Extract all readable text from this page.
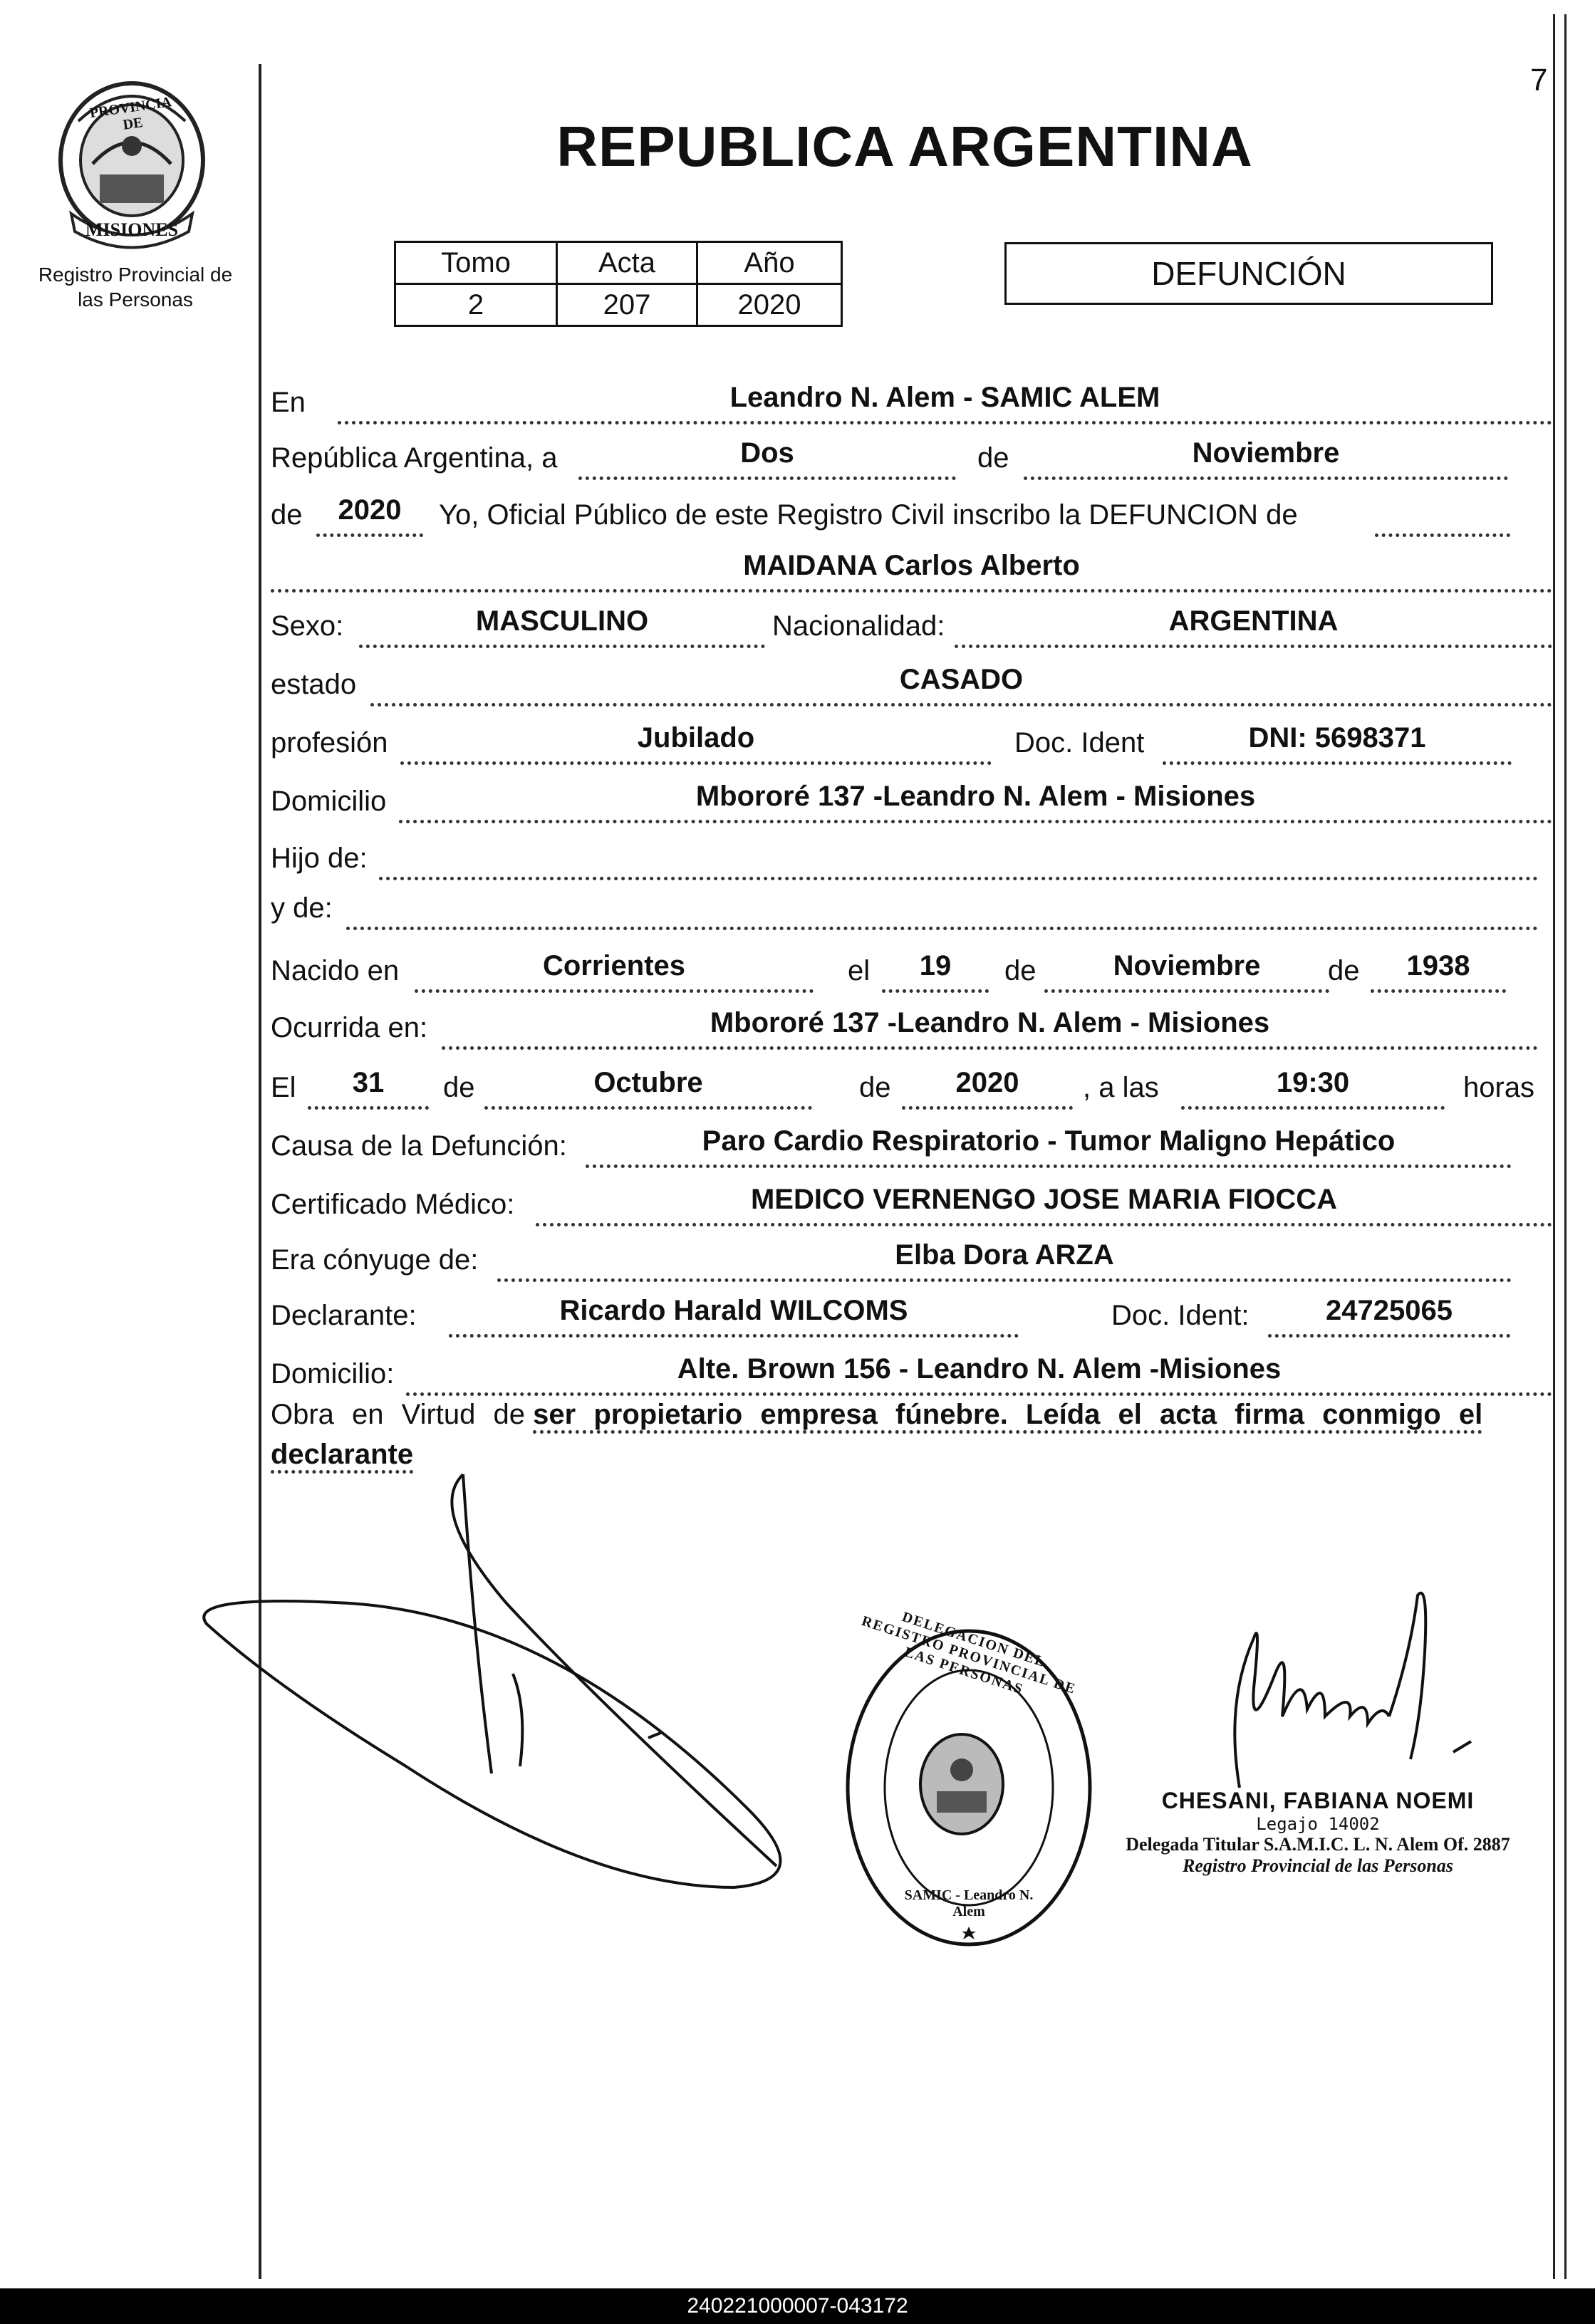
7
PROVINCIA DE
MISIONES
Registro Provincial de
las Personas
REPUBLICA ARGENTINA
Tomo	Acta	Año
2	207	2020
DEFUNCIÓN
En	Leandro N. Alem - SAMIC ALEM
República Argentina, a	Dos	de	Noviembre
de	2020	Yo, Oficial Público de este Registro Civil inscribo la DEFUNCION de
MAIDANA Carlos Alberto
Sexo:	MASCULINO	Nacionalidad:	ARGENTINA
estado	CASADO
profesión	Jubilado	Doc. Ident	DNI: 5698371
Domicilio	Mbororé 137 -Leandro N. Alem - Misiones
Hijo de:
y de:
Nacido en	Corrientes	el	19	de	Noviembre	de	1938
Ocurrida en:	Mbororé 137 -Leandro N. Alem - Misiones
El	31	de	Octubre	de	2020	, a las	19:30	horas
Causa de la Defunción:	Paro Cardio Respiratorio - Tumor Maligno Hepático
Certificado Médico:	MEDICO VERNENGO JOSE MARIA FIOCCA
Era cónyuge de:	Elba Dora ARZA
Declarante:	Ricardo Harald WILCOMS	Doc. Ident:	24725065
Domicilio:	Alte. Brown 156 - Leandro N. Alem -Misiones
Obra en Virtud de ser propietario empresa fúnebre. Leída el acta firma conmigo el
declarante
DELEGACION DEL REGISTRO PROVINCIAL DE LAS PERSONAS
SAMIC - Leandro N. Alem
CHESANI, FABIANA NOEMI
Legajo 14002
Delegada Titular S.A.M.I.C. L. N. Alem Of. 2887
Registro Provincial de las Personas
240221000007-043172
